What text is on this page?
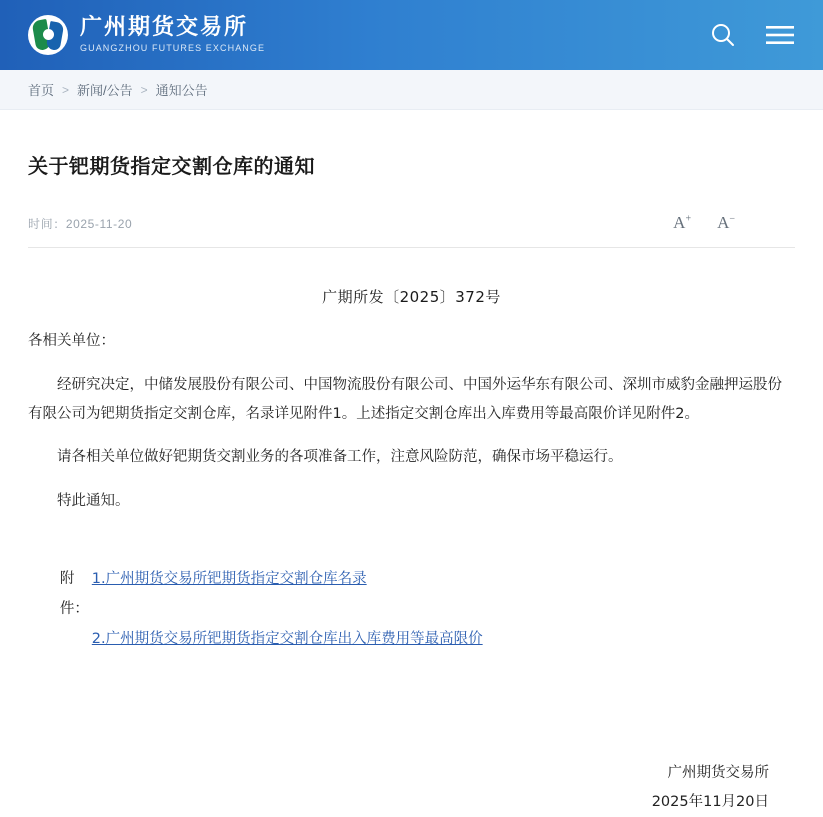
广州期货交易所
GUANGZHOU FUTURES EXCHANGE
首页 > 新闻/公告 > 通知公告
关于钯期货指定交割仓库的通知
时间：2025-11-20	A+ A−
广期所发〔2025〕372号

各相关单位：

经研究决定，中储发展股份有限公司、中国物流股份有限公司、中国外运华东有限公司、深圳市威豹金融押运股份有限公司为钯期货指定交割仓库，名录详见附件1。上述指定交割仓库出入库费用等最高限价详见附件2。

请各相关单位做好钯期货交割业务的各项准备工作，注意风险防范，确保市场平稳运行。

特此通知。

附件：
1.广州期货交易所钯期货指定交割仓库名录
2.广州期货交易所钯期货指定交割仓库出入库费用等最高限价
广州期货交易所
2025年11月20日
